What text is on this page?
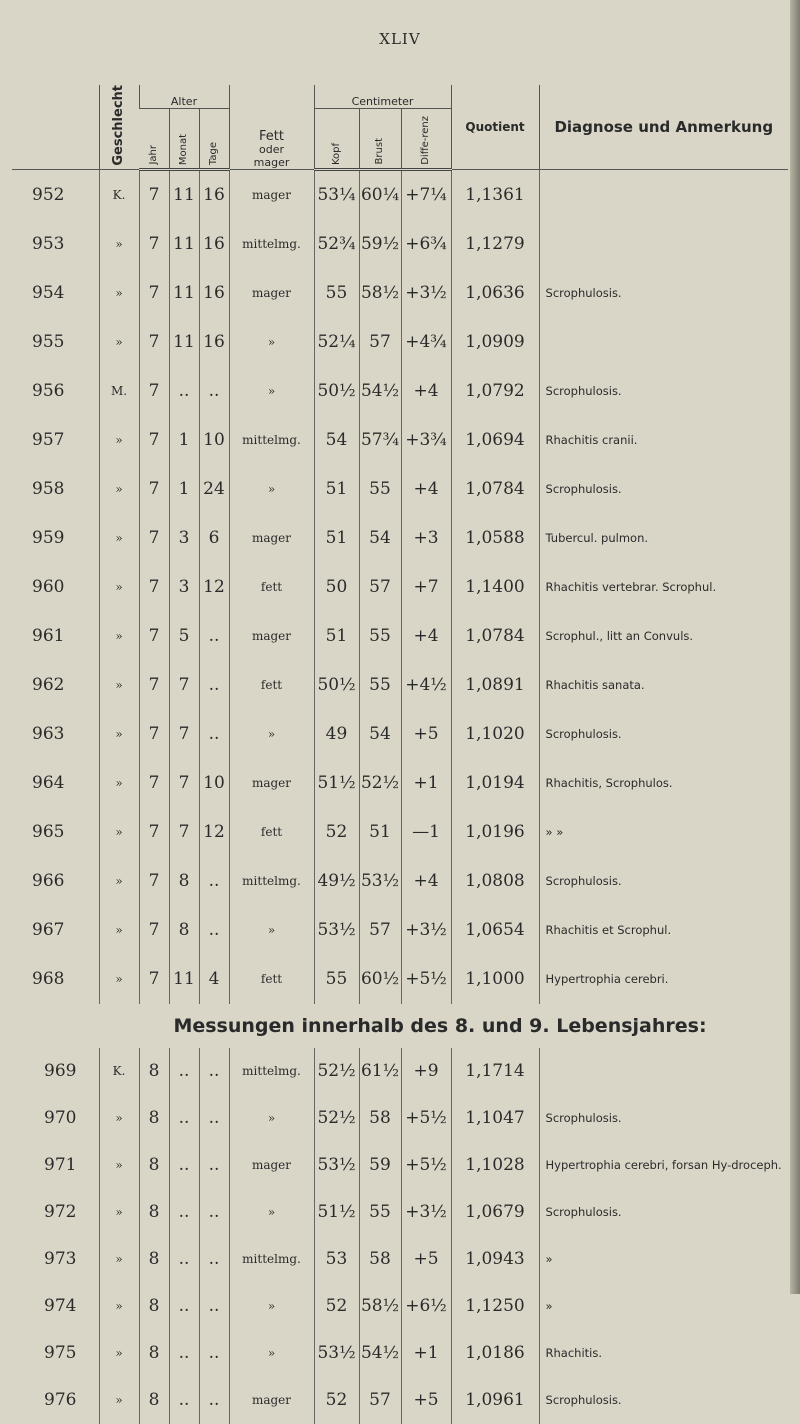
XLIV
	Geschlecht	Alter			Fett
oder
mager	Centimeter			Quotient	Diagnose und Anmerkung
		Jahr	Monat	Tage		Kopf	Brust	Diffe-renz		
952	K.	7	11	16	mager	53¼	60¼	+7¼	1,1361	
953	»	7	11	16	mittelmg.	52¾	59½	+6¾	1,1279	
954	»	7	11	16	mager	55	58½	+3½	1,0636	Scrophulosis.
955	»	7	11	16	»	52¼	57	+4¾	1,0909	
956	M.	7	..	..	»	50½	54½	+4	1,0792	Scrophulosis.
957	»	7	1	10	mittelmg.	54	57¾	+3¾	1,0694	Rhachitis cranii.
958	»	7	1	24	»	51	55	+4	1,0784	Scrophulosis.
959	»	7	3	6	mager	51	54	+3	1,0588	Tubercul. pulmon.
960	»	7	3	12	fett	50	57	+7	1,1400	Rhachitis vertebrar. Scrophul.
961	»	7	5	..	mager	51	55	+4	1,0784	Scrophul., litt an Convuls.
962	»	7	7	..	fett	50½	55	+4½	1,0891	Rhachitis sanata.
963	»	7	7	..	»	49	54	+5	1,1020	Scrophulosis.
964	»	7	7	10	mager	51½	52½	+1	1,0194	Rhachitis, Scrophulos.
965	»	7	7	12	fett	52	51	—1	1,0196	» »
966	»	7	8	..	mittelmg.	49½	53½	+4	1,0808	Scrophulosis.
967	»	7	8	..	»	53½	57	+3½	1,0654	Rhachitis et Scrophul.
968	»	7	11	4	fett	55	60½	+5½	1,1000	Hypertrophia cerebri.
Messungen innerhalb des 8. und 9. Lebensjahres:										
969	K.	8	..	..	mittelmg.	52½	61½	+9	1,1714	
970	»	8	..	..	»	52½	58	+5½	1,1047	Scrophulosis.
971	»	8	..	..	mager	53½	59	+5½	1,1028	Hypertrophia cerebri, forsan Hy-droceph.
972	»	8	..	..	»	51½	55	+3½	1,0679	Scrophulosis.
973	»	8	..	..	mittelmg.	53	58	+5	1,0943	»
974	»	8	..	..	»	52	58½	+6½	1,1250	»
975	»	8	..	..	»	53½	54½	+1	1,0186	Rhachitis.
976	»	8	..	..	mager	52	57	+5	1,0961	Scrophulosis.
